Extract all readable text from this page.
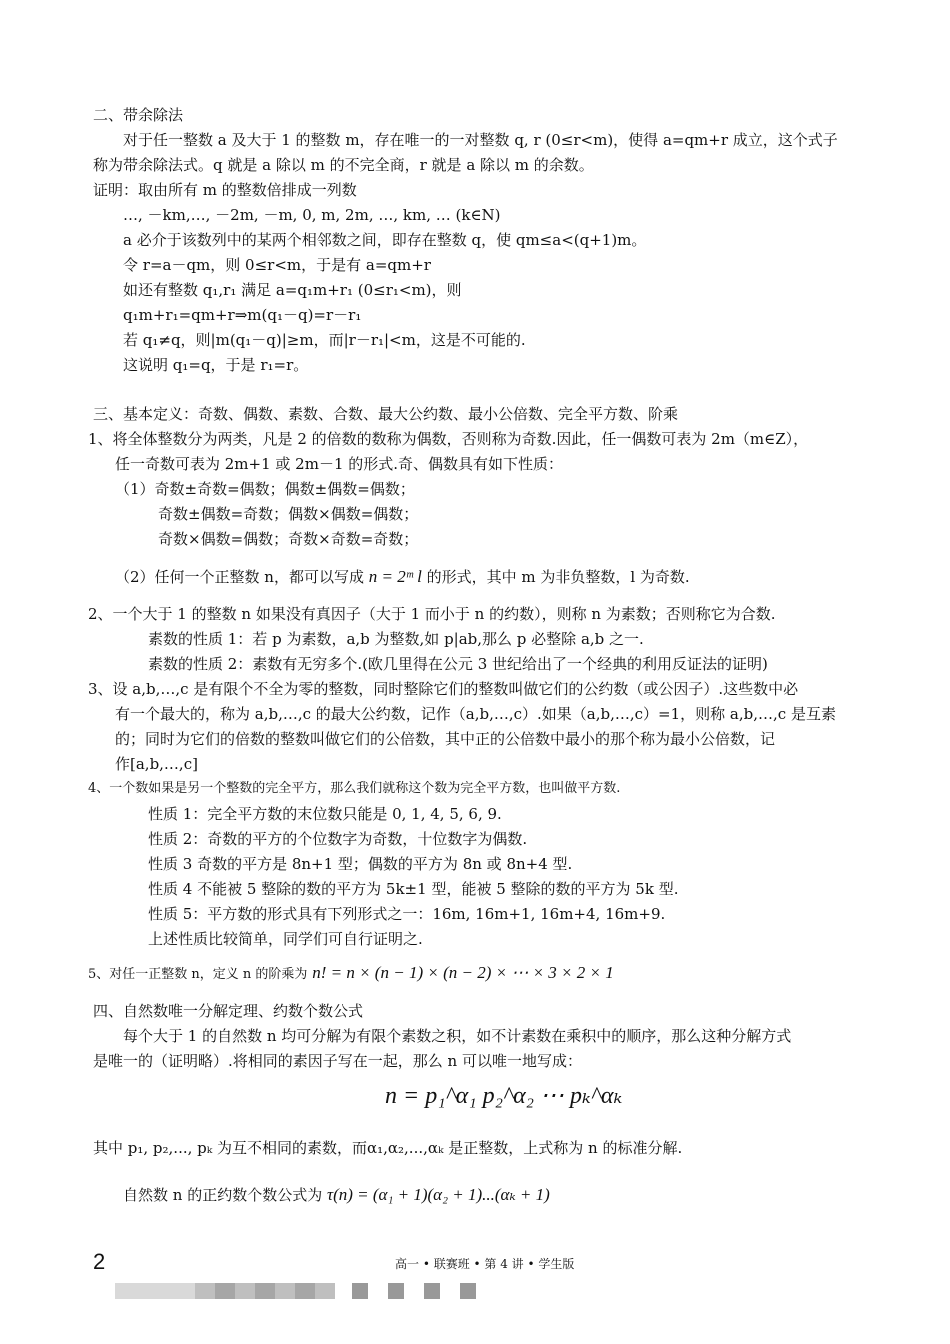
二、带余除法
对于任一整数 a 及大于 1 的整数 m，存在唯一的一对整数 q, r (0≤r<m)，使得 a=qm+r 成立，这个式子
称为带余除法式。q 就是 a 除以 m 的不完全商，r 就是 a 除以 m 的余数。
证明：取由所有 m 的整数倍排成一列数
…, －km,…, －2m, －m, 0, m, 2m, …, km, … (k∈N)
a 必介于该数列中的某两个相邻数之间，即存在整数 q，使 qm≤a<(q+1)m。
令 r=a－qm，则 0≤r<m，于是有 a=qm+r
如还有整数 q₁,r₁ 满足 a=q₁m+r₁ (0≤r₁<m)，则
q₁m+r₁=qm+r⇒m(q₁－q)=r－r₁
若 q₁≠q，则|m(q₁－q)|≥m，而|r－r₁|<m，这是不可能的.
这说明 q₁=q，于是 r₁=r。
三、基本定义：奇数、偶数、素数、合数、最大公约数、最小公倍数、完全平方数、阶乘
1、将全体整数分为两类，凡是 2 的倍数的数称为偶数，否则称为奇数.因此，任一偶数可表为 2m（m∈Z），
任一奇数可表为 2m+1 或 2m－1 的形式.奇、偶数具有如下性质：
（1）奇数±奇数=偶数；偶数±偶数=偶数；
奇数±偶数=奇数；偶数×偶数=偶数；
奇数×偶数=偶数；奇数×奇数=奇数；
（2）任何一个正整数 n，都可以写成 n = 2ᵐ l 的形式，其中 m 为非负整数，l 为奇数.
2、一个大于 1 的整数 n 如果没有真因子（大于 1 而小于 n 的约数），则称 n 为素数；否则称它为合数.
素数的性质 1：若 p 为素数，a,b 为整数,如 p|ab,那么 p 必整除 a,b 之一.
素数的性质 2：素数有无穷多个.(欧几里得在公元 3 世纪给出了一个经典的利用反证法的证明)
3、设 a,b,…,c 是有限个不全为零的整数，同时整除它们的整数叫做它们的公约数（或公因子）.这些数中必
有一个最大的，称为 a,b,…,c 的最大公约数，记作（a,b,…,c）.如果（a,b,…,c）=1，则称 a,b,…,c 是互素
的；同时为它们的倍数的整数叫做它们的公倍数，其中正的公倍数中最小的那个称为最小公倍数，记
作[a,b,…,c]
4、一个数如果是另一个整数的完全平方，那么我们就称这个数为完全平方数，也叫做平方数.
性质 1：完全平方数的末位数只能是 0, 1, 4, 5, 6, 9.
性质 2：奇数的平方的个位数字为奇数，十位数字为偶数.
性质 3 奇数的平方是 8n+1 型；偶数的平方为 8n 或 8n+4 型.
性质 4 不能被 5 整除的数的平方为 5k±1 型，能被 5 整除的数的平方为 5k 型.
性质 5：平方数的形式具有下列形式之一：16m, 16m+1, 16m+4, 16m+9.
上述性质比较简单，同学们可自行证明之.
5、对任一正整数 n，定义 n 的阶乘为 n! = n × (n − 1) × (n − 2) × ⋯ × 3 × 2 × 1
四、自然数唯一分解定理、约数个数公式
每个大于 1 的自然数 n 均可分解为有限个素数之积，如不计素数在乘积中的顺序，那么这种分解方式
是唯一的（证明略）.将相同的素因子写在一起，那么 n 可以唯一地写成：
n = p₁^α₁ p₂^α₂ ⋯ pₖ^αₖ
其中 p₁, p₂,..., pₖ 为互不相同的素数，而α₁,α₂,...,αₖ 是正整数，上式称为 n 的标准分解.
自然数 n 的正约数个数公式为 τ(n) = (α₁ + 1)(α₂ + 1)...(αₖ + 1)
2	高一 • 联赛班 • 第 4 讲 • 学生版
